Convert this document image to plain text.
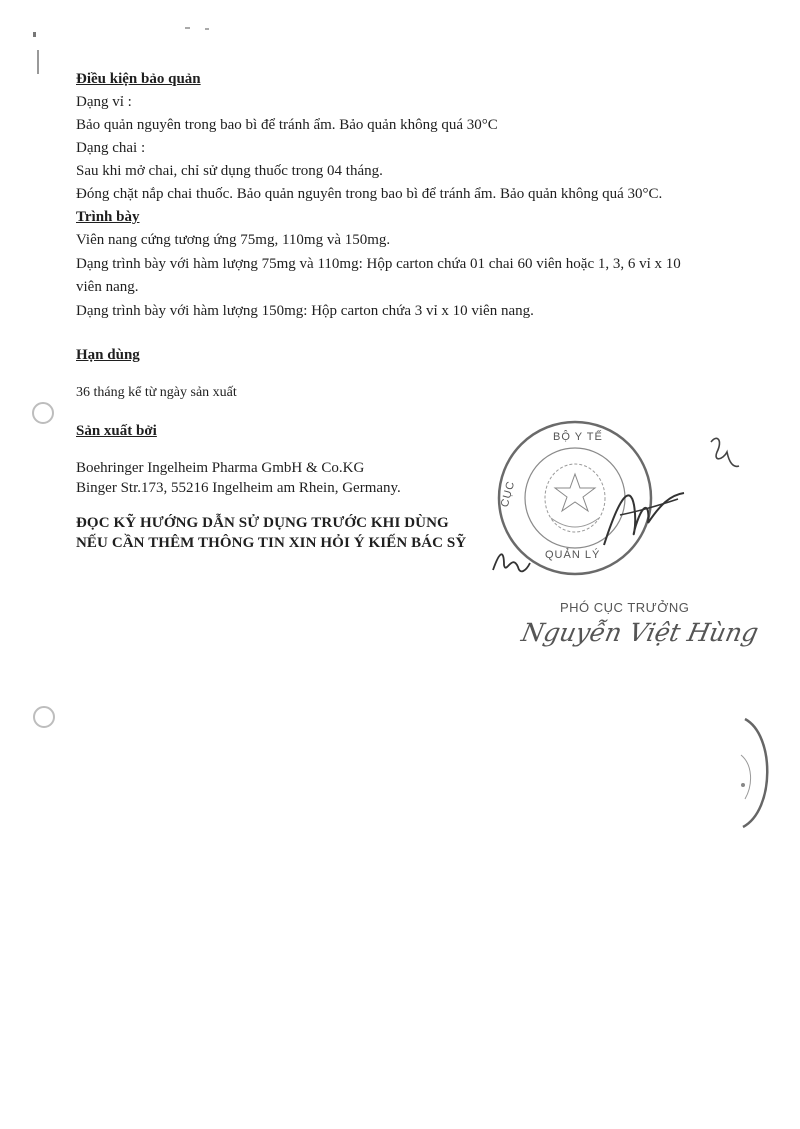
Điều kiện bảo quản
Dạng vỉ :
Bảo quản nguyên trong bao bì để tránh ẩm. Bảo quản không quá 30°C
Dạng chai :
Sau khi mở chai, chỉ sử dụng thuốc trong 04 tháng.
Đóng chặt nắp chai thuốc. Bảo quản nguyên trong bao bì để tránh ẩm. Bảo quản không quá 30°C.
Trình bày
Viên nang cứng tương ứng 75mg, 110mg và 150mg.
Dạng trình bày với hàm lượng 75mg và 110mg: Hộp carton chứa 01 chai 60 viên hoặc 1, 3, 6 vỉ x 10
viên nang.
Dạng trình bày với hàm lượng 150mg: Hộp carton chứa 3 vỉ x 10 viên nang.
Hạn dùng
36 tháng kể từ ngày sản xuất
Sản xuất bởi
Boehringer Ingelheim Pharma GmbH & Co.KG
Binger Str.173, 55216 Ingelheim am Rhein, Germany.
ĐỌC KỸ HƯỚNG DẪN SỬ DỤNG TRƯỚC KHI DÙNG
NẾU CẦN THÊM THÔNG TIN XIN HỎI Ý KIẾN BÁC SỸ
BỘ Y TẾ
CỤC
QUẢN LÝ
PHÓ CỤC TRƯỞNG
Nguyễn Việt Hùng
